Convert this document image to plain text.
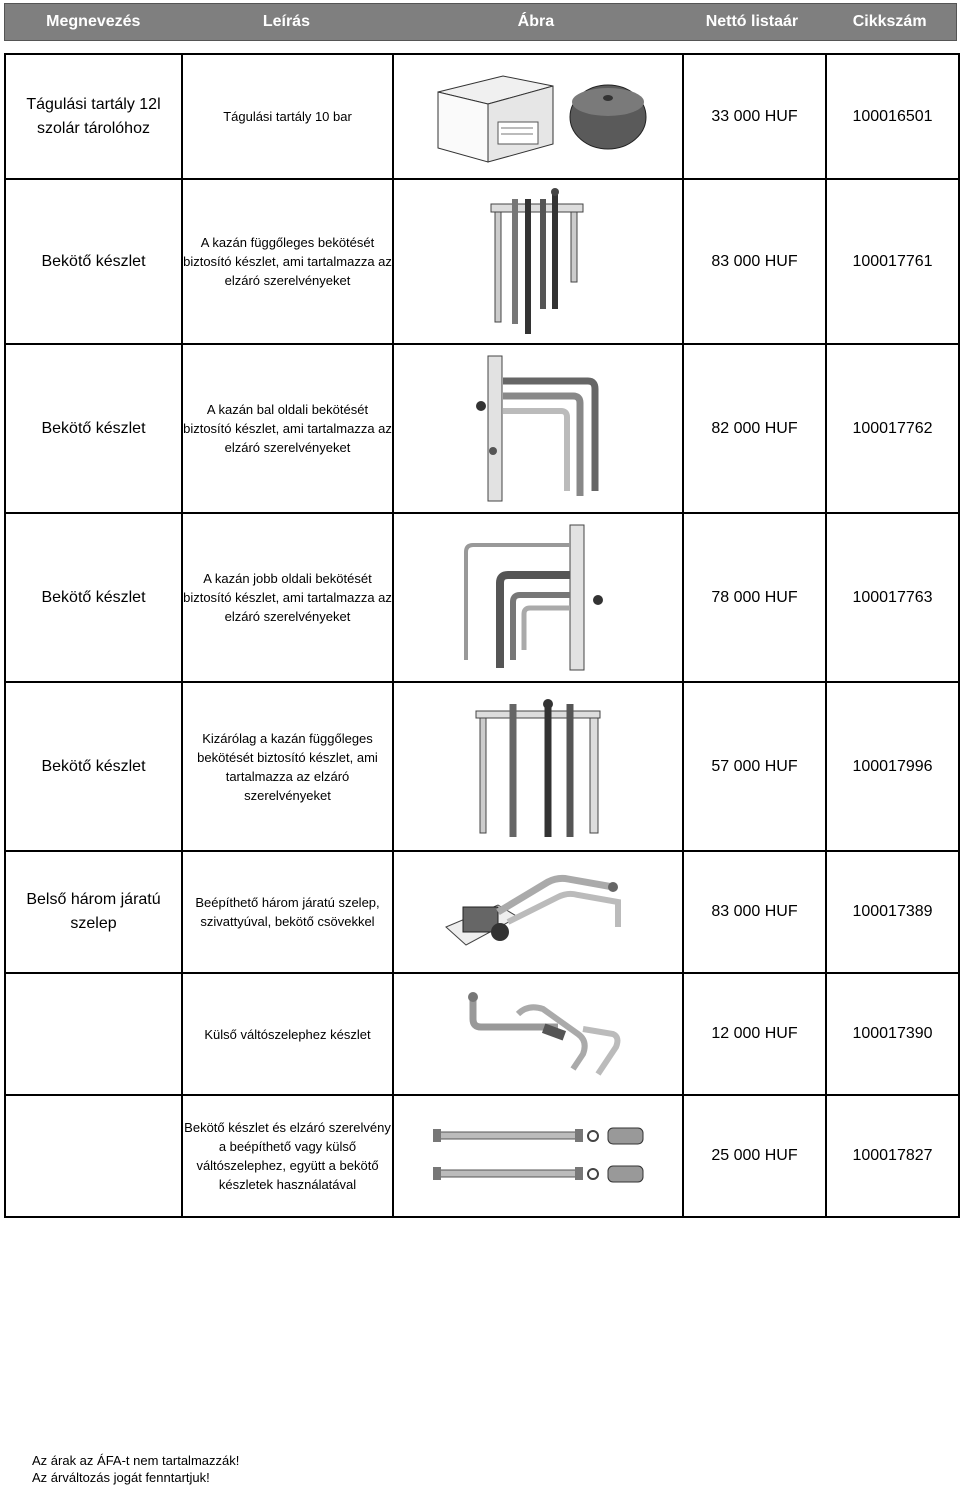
Megnevezés	Leírás	Ábra	Nettó listaár	Cikkszám
Tágulási tartály 12l szolár tárolóhoz	Tágulási tartály 10 bar		33 000 HUF	100016501
Bekötő készlet	A kazán függőleges bekötését biztosító készlet, ami tartalmazza az elzáró szerelvényeket		83 000 HUF	100017761
Bekötő készlet	A kazán bal oldali bekötését biztosító készlet, ami tartalmazza az elzáró szerelvényeket		82 000 HUF	100017762
Bekötő készlet	A kazán jobb oldali bekötését biztosító készlet, ami tartalmazza az elzáró szerelvényeket		78 000 HUF	100017763
Bekötő készlet	Kizárólag a kazán függőleges bekötését biztosító készlet, ami tartalmazza az elzáró szerelvényeket		57 000 HUF	100017996
Belső három járatú szelep	Beépíthető három járatú szelep, szivattyúval, bekötő csövekkel		83 000 HUF	100017389
	Külső váltószelephez készlet		12 000 HUF	100017390
	Bekötő készlet és elzáró szerelvény a beépíthető vagy külső váltószelephez, együtt a bekötő készletek használatával		25 000 HUF	100017827
Az árak az ÁFA-t nem tartalmazzák!
Az árváltozás jogát fenntartjuk!
